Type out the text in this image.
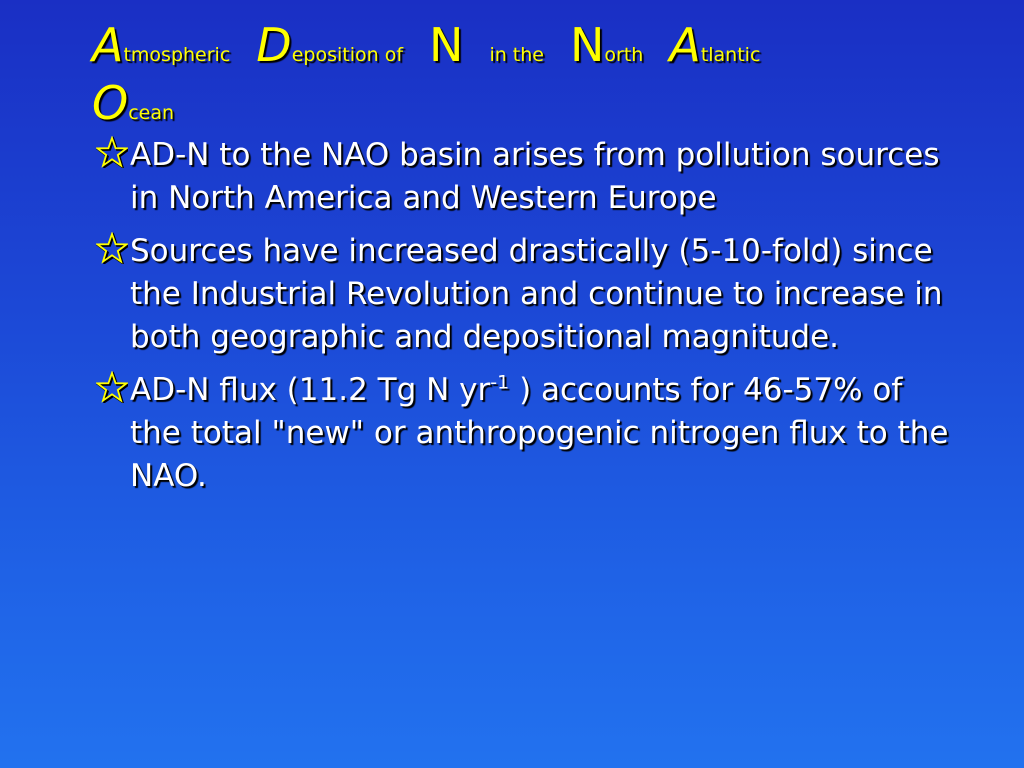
A tmospheric D eposition of N in the N orth A tlantic
O cean
AD-N to the NAO basin arises from pollution sources in North America and Western Europe
Sources have increased drastically (5-10-fold) since the Industrial Revolution and continue to increase in both geographic and depositional magnitude.
AD-N flux (11.2 Tg N $yr^{-1}$ ) accounts for 46-57% of the total "new" or anthropogenic nitrogen flux to the NAO.
